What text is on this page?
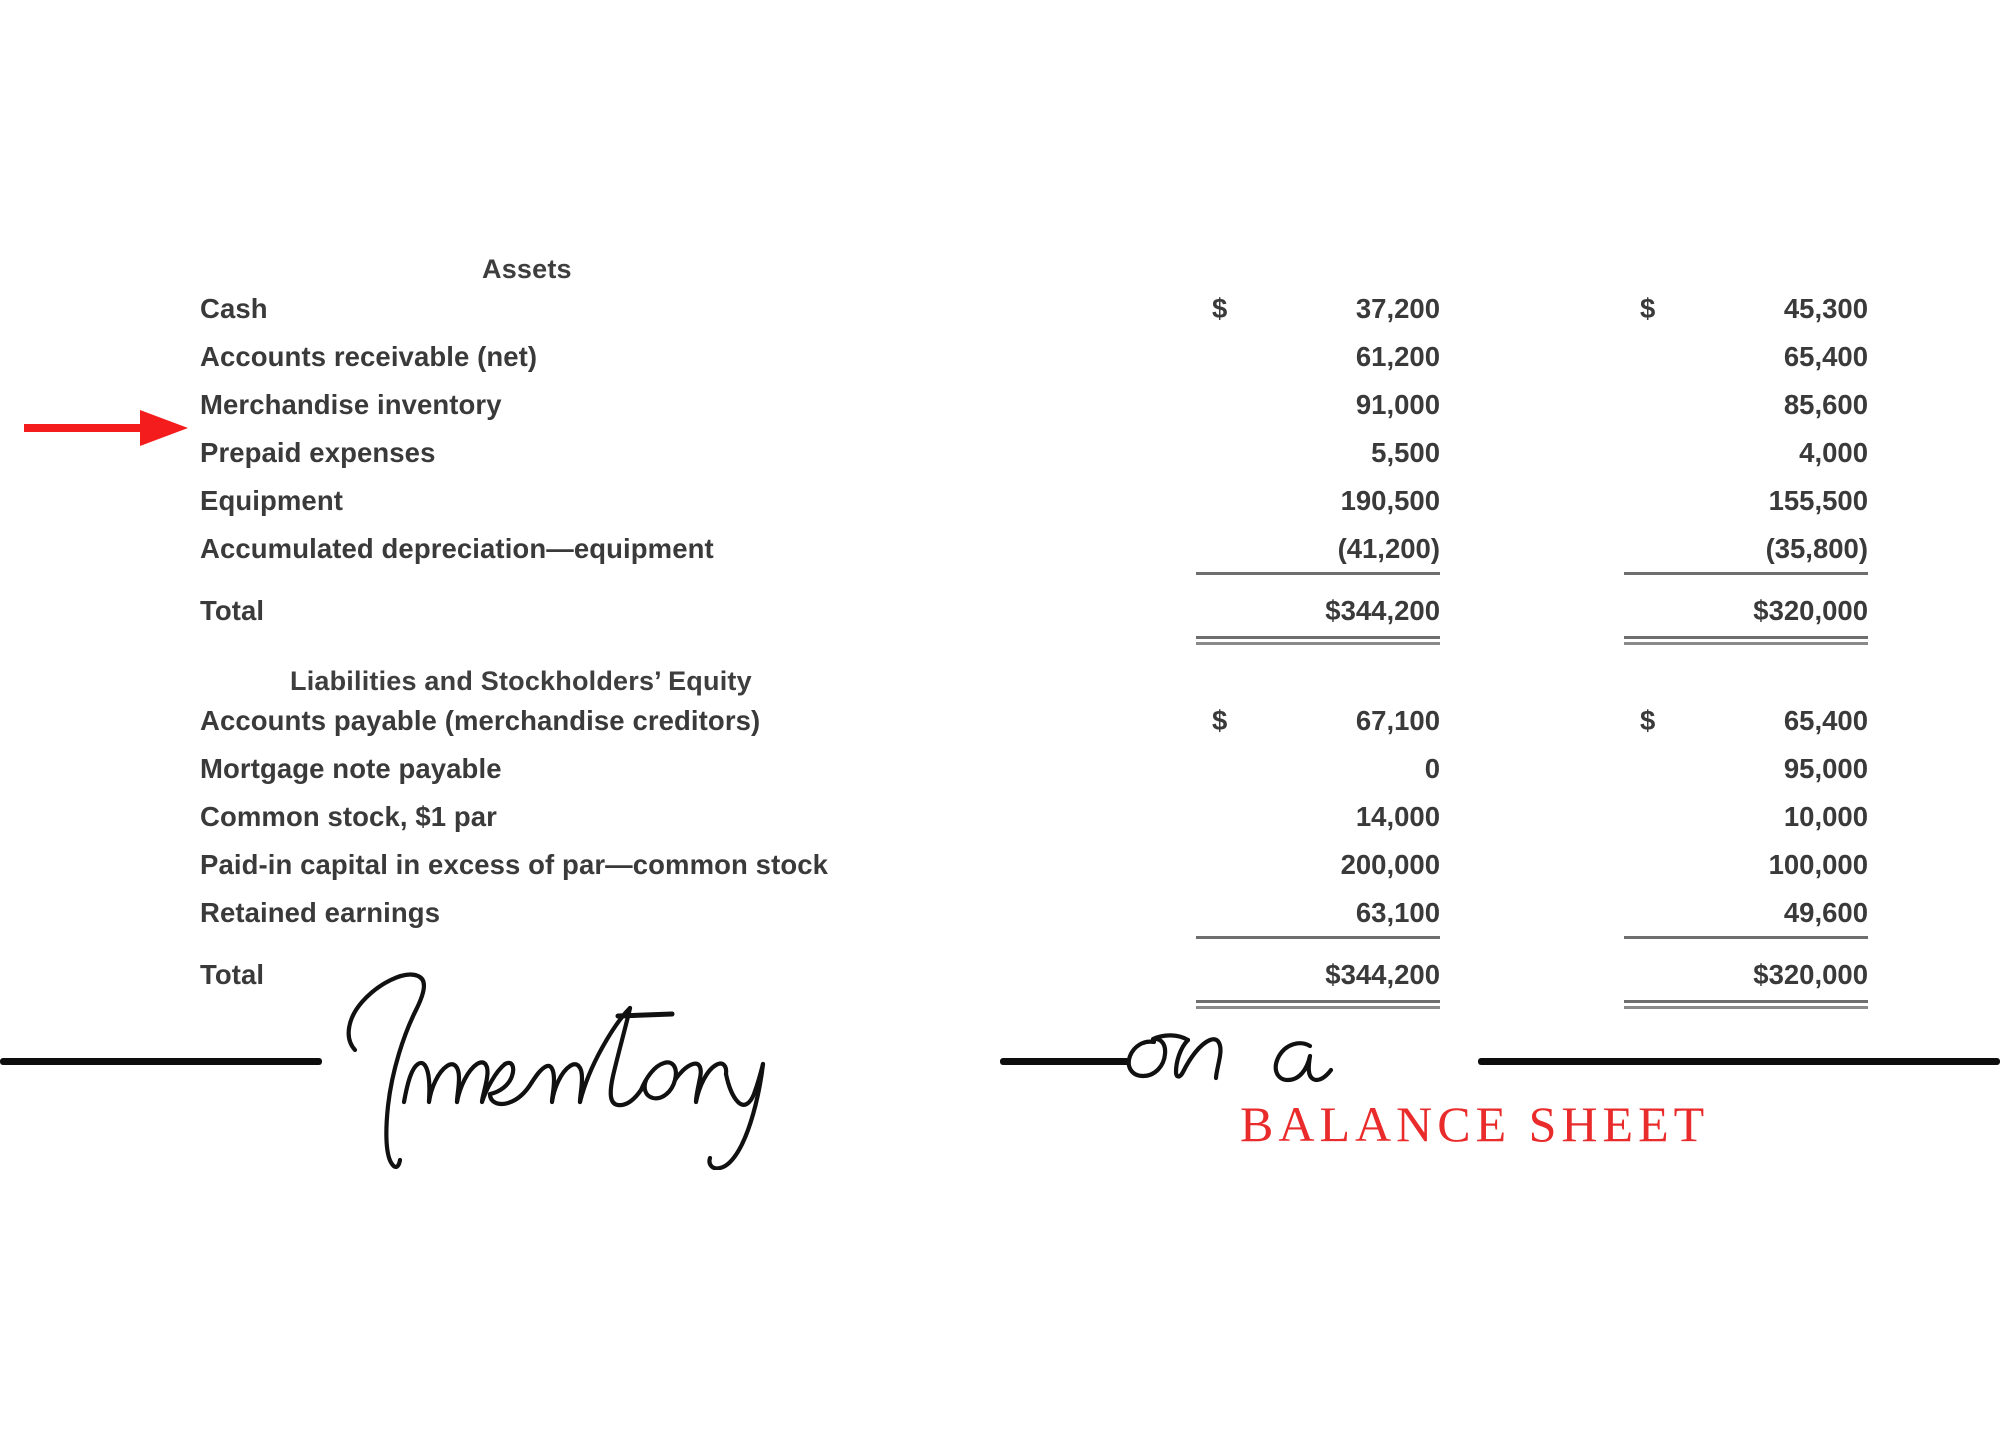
Assets
Cash	$	37,200	$	45,300
Accounts receivable (net)	61,200	65,400
Merchandise inventory	91,000	85,600
Prepaid expenses	5,500	4,000
Equipment	190,500	155,500
Accumulated depreciation—equipment	(41,200)	(35,800)
Total	$344,200	$320,000
Liabilities and Stockholders’ Equity
Accounts payable (merchandise creditors)	$	67,100	$	65,400
Mortgage note payable	0	95,000
Common stock, $1 par	14,000	10,000
Paid-in capital in excess of par—common stock	200,000	100,000
Retained earnings	63,100	49,600
Total	$344,200	$320,000
BALANCE SHEET
